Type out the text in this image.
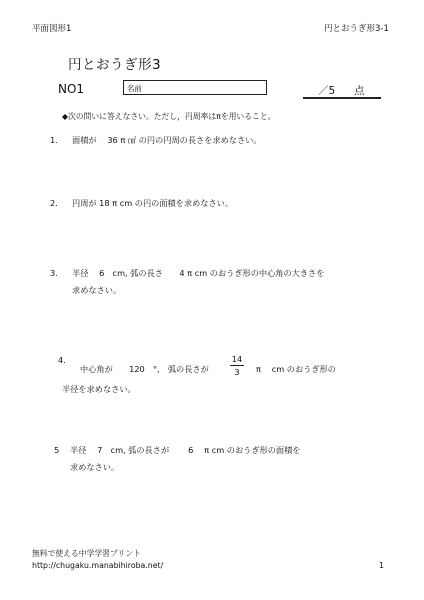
平面図形1	円とおうぎ形3-1
円とおうぎ形3
NO1	名前	／5 点
◆次の問いに答えなさい。ただし，円周率はπを用いること。
1. 面積が　 36 π ㎠ の円の円周の長さを求めなさい。
2. 円周が 18 π cm の円の面積を求めなさい。
3. 半径　 6　cm, 弧の長さ　　4 π cm のおうぎ形の中心角の大きさを
求めなさい。
4.
中心角が　　120　°,　弧の長さが
14
3	π　 cm のおうぎ形の
半径を求めなさい。
5 半径　 7　cm, 弧の長さが　　 6　 π cm のおうぎ形の面積を
求めなさい。
無料で使える中学学習プリント
http://chugaku.manabihiroba.net/	1
